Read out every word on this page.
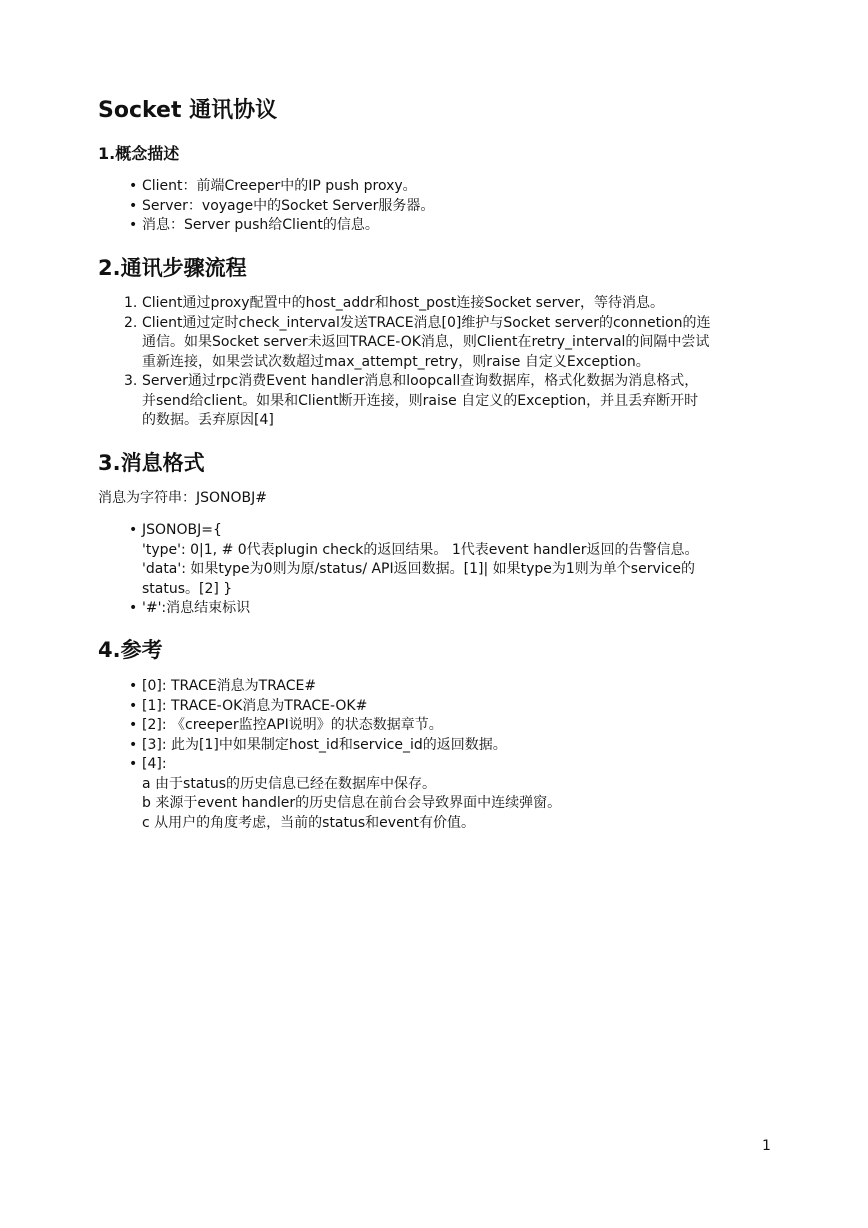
Socket 通讯协议
1.概念描述
• Client：前端Creeper中的IP push proxy。
• Server：voyage中的Socket Server服务器。
• 消息：Server push给Client的信息。
2.通讯步骤流程
1. Client通过proxy配置中的host_addr和host_post连接Socket server，等待消息。
2. Client通过定时check_interval发送TRACE消息[0]维护与Socket server的connetion的连
通信。如果Socket server未返回TRACE-OK消息，则Client在retry_interval的间隔中尝试
重新连接，如果尝试次数超过max_attempt_retry，则raise 自定义Exception。
3. Server通过rpc消费Event handler消息和loopcall查询数据库，格式化数据为消息格式，
并send给client。如果和Client断开连接，则raise 自定义的Exception，并且丢弃断开时
的数据。丢弃原因[4]
3.消息格式

消息为字符串：JSONOBJ#

• JSONOBJ={
'type': 0|1, # 0代表plugin check的返回结果。 1代表event handler返回的告警信息。
'data': 如果type为0则为原/status/ API返回数据。[1]| 如果type为1则为单个service的
status。[2] }
• '#':消息结束标识
4.参考
• [0]: TRACE消息为TRACE#
• [1]: TRACE-OK消息为TRACE-OK#
• [2]: 《creeper监控API说明》的状态数据章节。
• [3]: 此为[1]中如果制定host_id和service_id的返回数据。
• [4]:
a 由于status的历史信息已经在数据库中保存。
b 来源于event handler的历史信息在前台会导致界面中连续弹窗。
c 从用户的角度考虑，当前的status和event有价值。
1
